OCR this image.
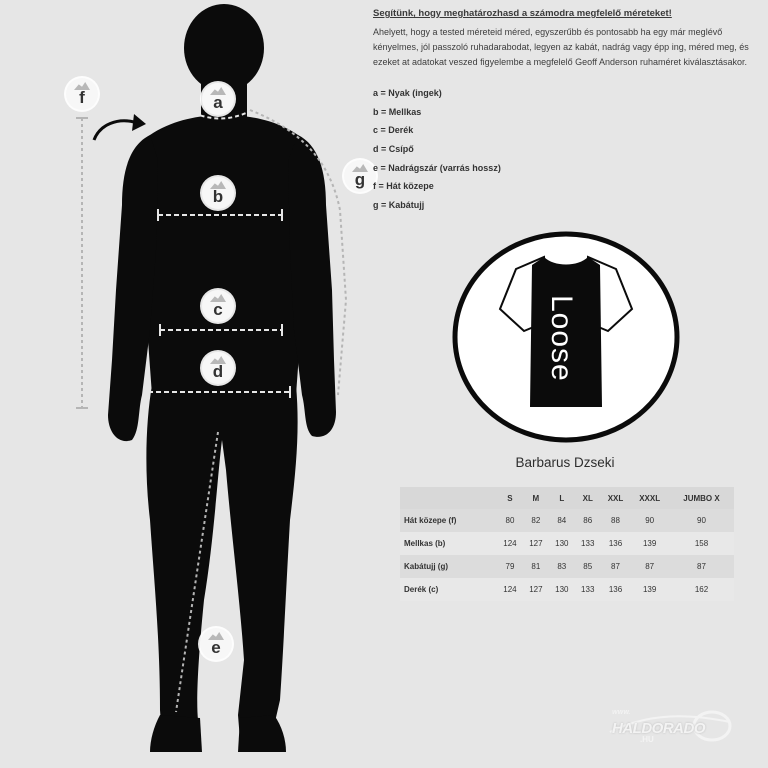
a
b
c
d
e
f
g
Segítünk, hogy meghatározhasd a számodra megfelelő méreteket!
Ahelyett, hogy a tested méreteid méred, egyszerűbb és pontosabb ha egy már meglévő kényelmes, jól passzoló ruhadarabodat, legyen az kabát, nadrág vagy épp ing, méred meg, és ezeket at adatokat veszed figyelembe a megfelelő Geoff Anderson ruhaméret kiválasztásakor.
a = Nyak (ingek)
b = Mellkas
c = Derék
d = Csípő
e = Nadrágszár (varrás hossz)
f = Hát közepe
g = Kabátujj
Loose
Barbarus Dzseki
	S	M	L	XL	XXL	XXXL	JUMBO X
Hát közepe (f)	80	82	84	86	88	90	90
Mellkas (b)	124	127	130	133	136	139	158
Kabátujj (g)	79	81	83	85	87	87	87
Derék (c)	124	127	130	133	136	139	162
WWW.
HALDORADO
.HU
